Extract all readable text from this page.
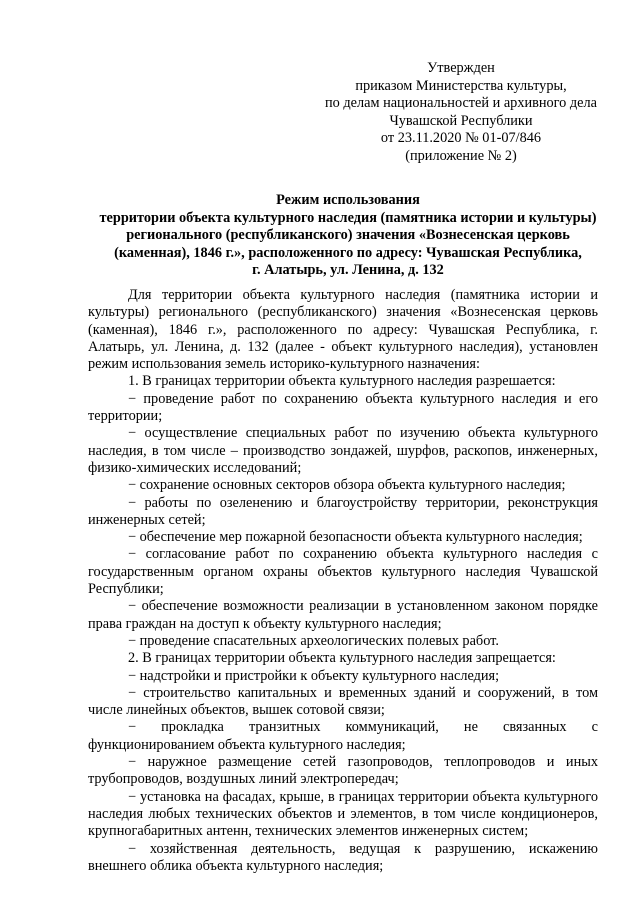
Утвержден
приказом Министерства культуры,
по делам национальностей и архивного дела
Чувашской Республики
от 23.11.2020 № 01-07/846
(приложение № 2)
Режим использования
территории объекта культурного наследия (памятника истории и культуры)
регионального (республиканского) значения «Вознесенская церковь
(каменная), 1846 г.», расположенного по адресу: Чувашская Республика,
г. Алатырь, ул. Ленина, д. 132

Для территории объекта культурного наследия (памятника истории и культуры) регионального (республиканского) значения «Вознесенская церковь (каменная), 1846 г.», расположенного по адресу: Чувашская Республика, г. Алатырь, ул. Ленина, д. 132 (далее - объект культурного наследия), установлен режим использования земель историко-культурного назначения:

1. В границах территории объекта культурного наследия разрешается:

− проведение работ по сохранению объекта культурного наследия и его территории;

− осуществление специальных работ по изучению объекта культурного наследия, в том числе – производство зондажей, шурфов, раскопов, инженерных, физико-химических исследований;

− сохранение основных секторов обзора объекта культурного наследия;

− работы по озеленению и благоустройству территории, реконструкция инженерных сетей;

− обеспечение мер пожарной безопасности объекта культурного наследия;

− согласование работ по сохранению объекта культурного наследия с государственным органом охраны объектов культурного наследия Чувашской Республики;

− обеспечение возможности реализации в установленном законом порядке права граждан на доступ к объекту культурного наследия;

− проведение спасательных археологических полевых работ.

2. В границах территории объекта культурного наследия запрещается:

− надстройки и пристройки к объекту культурного наследия;

− строительство капитальных и временных зданий и сооружений, в том числе линейных объектов, вышек сотовой связи;

− прокладка транзитных коммуникаций, не связанных с функционированием объекта культурного наследия;

− наружное размещение сетей газопроводов, теплопроводов и иных трубопроводов, воздушных линий электропередач;

− установка на фасадах, крыше, в границах территории объекта культурного наследия любых технических объектов и элементов, в том числе кондиционеров, крупногабаритных антенн, технических элементов инженерных систем;

− хозяйственная деятельность, ведущая к разрушению, искажению внешнего облика объекта культурного наследия;
